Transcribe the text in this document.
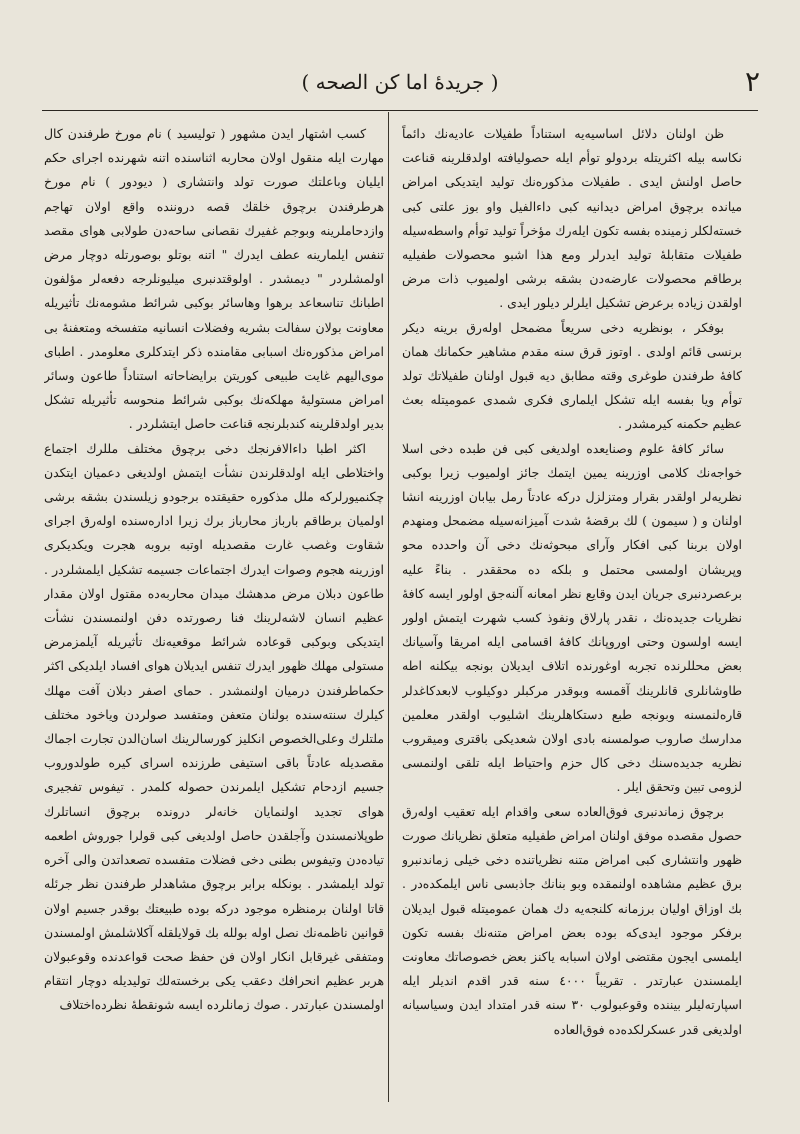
( جريدهٔ اما كن الصحه )	٢

ظن اولنان دلائل اساسيه‌يه استناداً طفيلات عاديه‌نك دائماً نكاسه بيله اكثريتله بردولو توأم ايله حصوليافته اولدقلرينه قناعت حاصل اولنش ايدى . طفيلات مذكوره‌نك توليد ايتديكى امراض ميانده برچوق امراض ديدانيه كبى داءالفيل واو بوز علتى كبى خسته‌لكلر زمينده بفسه تكون ايله‌رك مؤخراً توليد توأم واسطه‌سيله طفيلات متقابلهٔ توليد ايدرلر ومع هذا اشبو محصولات طفيليه برطاقم محصولات عارضه‌دن بشقه برشى اولميوب ذات مرض اولقدن زياده برعرض تشكيل ايلرلر ديلور ايدى .

بوفكر ، بونظريه دخى سريعاً مضمحل اوله‌رق برينه ديكر برنسى قائم اولدى . اوتوز قرق سنه مقدم مشاهير حكمانك همان كافهٔ طرفندن طوغرى وقته مطابق ديه قبول اولنان طفيلاتك تولد توأم ويا بفسه ايله تشكل ايلمارى فكرى شمدى عموميتله بعث عظيم حكمنه كيرمشدر .

سائر كافهٔ علوم وصنايعده اولديغى كبى فن طبده دخى اسلا خواجه‌نك كلامى اوزرينه يمين ايتمك جائز اولميوب زيرا بوكبى نظريه‌لر اولقدر بقرار ومتزلزل دركه عادتاً رمل بيابان اوزرينه انشا اولنان و ( سيمون ) لك برقضهٔ شدت آميزانه‌سيله مضمحل ومنهدم اولان بربنا كبى افكار وآراى مبحوثه‌نك دخى آن واحدده محو وپريشان اولمسى محتمل و بلكه ده محققدر . بناءً عليه برعصردنبرى جريان ايدن وقايع نظر امعانه آلنه‌جق اولور ايسه كافهٔ نظريات جديده‌نك ، نقدر پارلاق ونفوذ كسب شهرت ايتمش اولور ايسه اولسون وحتى اوروپانك كافهٔ اقسامى ايله امريقا وآسيانك بعض محللرنده تجربه اوغورنده اتلاف ايديلان بونجه بيكلنه اطه طاوشانلرى قانلرينك آقمسه وبوقدر مركبلر دوكيلوب لابعدكاغدلر قاره‌لنمسنه وبونجه طبع دستكاهلرينك اشليوب اولقدر معلمين مدارسك صاروب صولمسنه بادى اولان شعديكى باقترى وميقروب نظريه جديده‌سنك دخى كال حزم واحتياط ايله تلقى اولنمسى لزومى تبين وتحقق ايلر .

برچوق زماندنبرى فوق‌العاده سعى واقدام ايله تعقيب اوله‌رق حصول مقصده موفق اولنان امراض طفيليه متعلق نظريانك صورت ظهور وانتشارى كبى امراض متنه نظرياتنده دخى خيلى زماندنبرو برق عظيم مشاهده اولنمقده وبو بنانك جاذبسى ناس ايلمكده‌در . بك اوزاق اوليان برزمانه كلنجه‌يه دك همان عموميتله قبول ايديلان برفكر موجود ايدى‌كه بوده بعض امراض متنه‌نك بفسه تكون ايلمسى ايجون مقتضى اولان اسبابه ياكنز بعض خصوصاتك معاونت ايلمسندن عبارتدر . تقريباً ٤٠٠٠ سنه قدر اقدم انديلر ايله اسپارته‌ليلر بيننده وقوعبولوب ٣٠ سنه قدر امتداد ايدن وسياسيانه اولديغى قدر عسكرلكده‌ده فوق‌العاده

كسب اشتهار ايدن مشهور ( توليسيد ) نام مورخ طرفندن كال مهارت ايله منقول اولان محاربه اثناسنده اتنه شهرنده اجراى حكم ايليان وباعلتك صورت تولد وانتشارى ( ديودور ) نام مورخ هرطرفندن برچوق خلقك قصه دروننده واقع اولان تهاجم وازدحاملرينه وبوجم غفيرك نقصانى ساحه‌دن طولابى هواى مقصد تنفس ايلمارينه عطف ايدرك " اتنه بوتلو بوصورتله دوچار مرض اولمشلردر " ديمشدر . اولوقتدنبرى ميليونلرجه دفعه‌لر مؤلفون اطبانك تناسعاعد برهوا وهاسائر بوكبى شرائط مشومه‌نك تأثيريله معاونت بولان سفالت بشريه وفضلات انسانيه متفسخه ومتعفنهٔ بى امراض مذكوره‌نك اسبابى مقامنده ذكر ايتدكلرى معلومدر . اطباى موى‌اليهم غايت طبيعى كوريتن برايضاحاته استناداً طاعون وسائر امراض مستوليهٔ مهلكه‌نك بوكبى شرائط منحوسه تأثيريله تشكل بدير اولدقلرينه كندبلرنجه قناعت حاصل ايتشلردر .

اكثر اطبا داءالافرنجك دخى برچوق مختلف مللرك اجتماع واختلاطى ايله اولدقلرندن نشأت ايتمش اولديغى دعميان ايتكدن چكنميورلركه ملل مذكوره حقيقتده برجودو زيلسندن بشقه برشى اولميان برطاقم بارباز محارباز برك زيرا اداره‌سنده اوله‌رق اجراى شقاوت وغصب غارت مقصديله اوتبه بروبه هجرت ويكديكرى اوزرينه هجوم وصوات ايدرك اجتماعات جسيمه تشكيل ايلمشلردر . طاعون دبلان مرض مدهشك ميدان محاربه‌ده مقتول اولان مقدار عظيم انسان لاشه‌لرينك فنا رصورتده دفن اولنمسندن نشأت ايتديكى وبوكبى قوعاده شرائط موقعيه‌نك تأثيريله آيلمزمرض مستولى مهلك ظهور ايدرك تنفس ايديلان هواى افساد ايلديكى اكثر حكماطرفندن درميان اولنمشدر . حماى اصفر دبلان آفت مهلك كيلرك سنته‌سنده بولنان متعفن ومتفسد صولردن وياخود مختلف ملتلرك وعلى‌الخصوص انكليز كورسالرينك اسان‌الدن تجارت اجماك مقصديله عادتاً باقى استيفى طرزنده اسراى كيره طولدوروب جسيم ازدحام تشكيل ايلمرندن حصوله كلمدر . تيفوس تفجيرى هواى تجديد اولنمايان خانه‌لر درونده برچوق انساتلرك طوپلانمسندن وآجلقدن حاصل اولديغى كبى قولرا جوروش اطعمه تياده‌دن وتيفوس بطنى دخى فضلات متفسده تصعداتدن والى آخره تولد ايلمشدر . بونكله برابر برچوق مشاهدلر طرفندن نظر جرئله قاتا اولنان برمنظره موجود دركه بوده طبيعتك بوقدر جسيم اولان قوانين ناظمه‌نك نصل اوله بولله بك قولايلقله آكلاشلمش اولمسندن ومتفقى غيرقابل انكار اولان فن حفظ صحت قواعدنده وقوعبولان هربر عظيم انحرافك دعقب يكى برخسته‌لك توليديله دوچار انتقام اولمسندن عبارتدر . صوك زمانلرده ايسه شونقطهٔ نظرده‌اختلاف
